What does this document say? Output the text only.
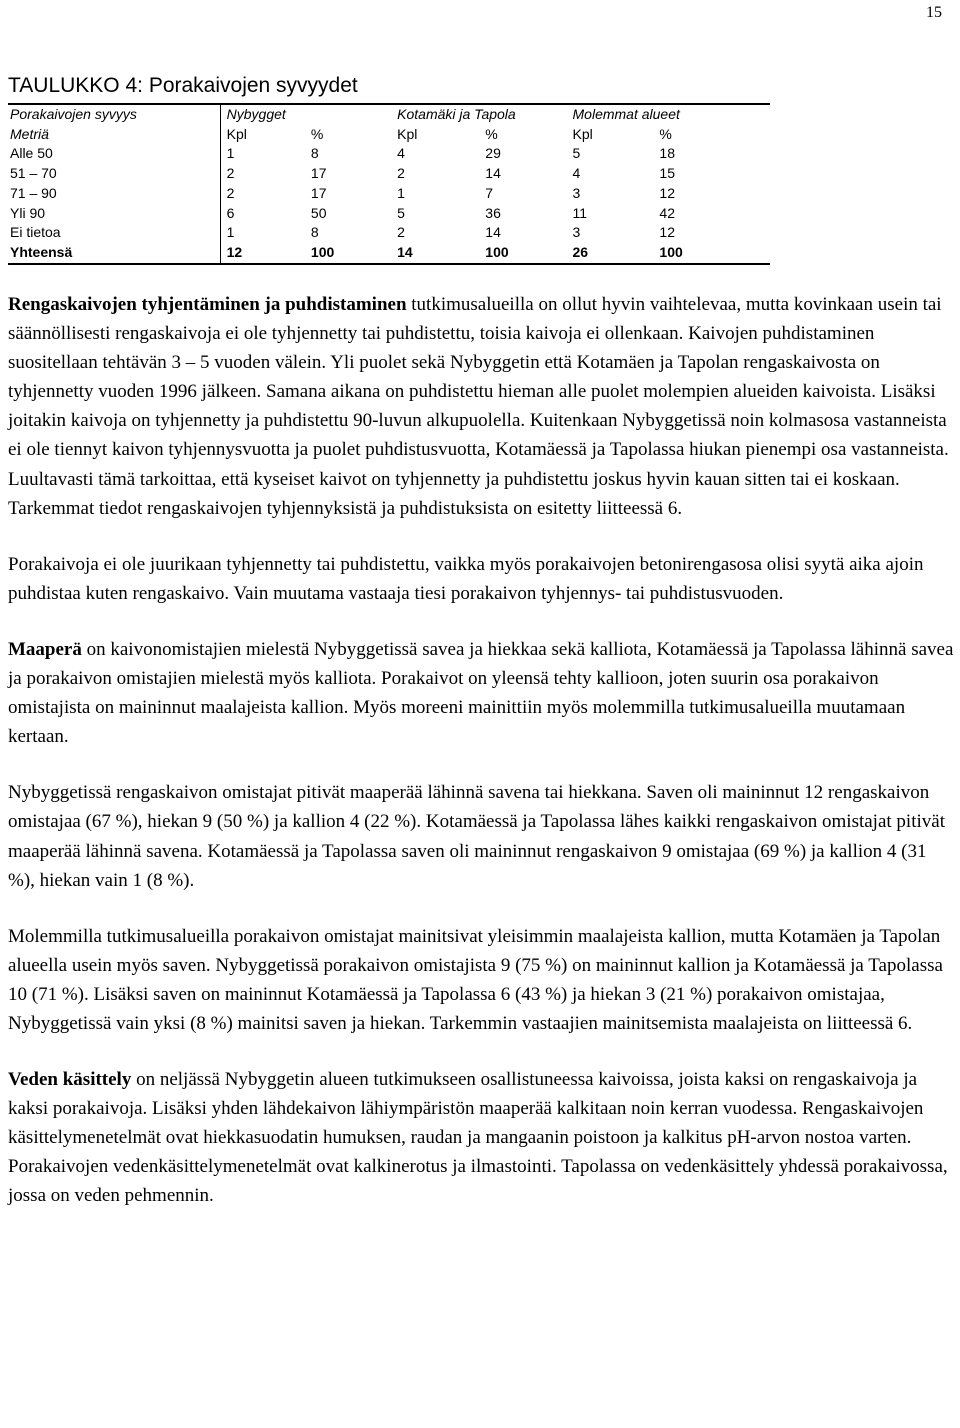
15
TAULUKKO 4: Porakaivojen syvyydet
Porakaivojen syvyys	Nybygget		Kotamäki ja Tapola		Molemmat alueet	
Metriä	Kpl	%	Kpl	%	Kpl	%
Alle 50	1	8	4	29	5	18
51 – 70	2	17	2	14	4	15
71 – 90	2	17	1	7	3	12
Yli 90	6	50	5	36	11	42
Ei tietoa	1	8	2	14	3	12
Yhteensä	12	100	14	100	26	100

Rengaskaivojen tyhjentäminen ja puhdistaminen tutkimusalueilla on ollut hyvin vaihtelevaa, mutta kovinkaan usein tai säännöllisesti rengaskaivoja ei ole tyhjennetty tai puhdistettu, toisia kaivoja ei ollenkaan. Kaivojen puhdistaminen suositellaan tehtävän 3 – 5 vuoden välein. Yli puolet sekä Nybyggetin että Kotamäen ja Tapolan rengaskaivosta on tyhjennetty vuoden 1996 jälkeen. Samana aikana on puhdistettu hieman alle puolet molempien alueiden kaivoista. Lisäksi joitakin kaivoja on tyhjennetty ja puhdistettu 90-luvun alkupuolella. Kuitenkaan Nybyggetissä noin kolmasosa vastanneista ei ole tiennyt kaivon tyhjennysvuotta ja puolet puhdistusvuotta, Kotamäessä ja Tapolassa hiukan pienempi osa vastanneista. Luultavasti tämä tarkoittaa, että kyseiset kaivot on tyhjennetty ja puhdistettu joskus hyvin kauan sitten tai ei koskaan. Tarkemmat tiedot rengaskaivojen tyhjennyksistä ja puhdistuksista on esitetty liitteessä 6.

Porakaivoja ei ole juurikaan tyhjennetty tai puhdistettu, vaikka myös porakaivojen betonirengasosa olisi syytä aika ajoin puhdistaa kuten rengaskaivo. Vain muutama vastaaja tiesi porakaivon tyhjennys- tai puhdistusvuoden.

Maaperä on kaivonomistajien mielestä Nybyggetissä savea ja hiekkaa sekä kalliota, Kotamäessä ja Tapolassa lähinnä savea ja porakaivon omistajien mielestä myös kalliota. Porakaivot on yleensä tehty kallioon, joten suurin osa porakaivon omistajista on maininnut maalajeista kallion. Myös moreeni mainittiin myös molemmilla tutkimusalueilla muutamaan kertaan.

Nybyggetissä rengaskaivon omistajat pitivät maaperää lähinnä savena tai hiekkana. Saven oli maininnut 12 rengaskaivon omistajaa (67 %), hiekan 9 (50 %) ja kallion 4 (22 %). Kotamäessä ja Tapolassa lähes kaikki rengaskaivon omistajat pitivät maaperää lähinnä savena. Kotamäessä ja Tapolassa saven oli maininnut rengaskaivon 9 omistajaa (69 %) ja kallion 4 (31 %), hiekan vain 1 (8 %).

Molemmilla tutkimusalueilla porakaivon omistajat mainitsivat yleisimmin maalajeista kallion, mutta Kotamäen ja Tapolan alueella usein myös saven. Nybyggetissä porakaivon omistajista 9 (75 %) on maininnut kallion ja Kotamäessä ja Tapolassa 10 (71 %). Lisäksi saven on maininnut Kotamäessä ja Tapolassa 6 (43 %) ja hiekan 3 (21 %) porakaivon omistajaa, Nybyggetissä vain yksi (8 %) mainitsi saven ja hiekan. Tarkemmin vastaajien mainitsemista maalajeista on liitteessä 6.

Veden käsittely on neljässä Nybyggetin alueen tutkimukseen osallistuneessa kaivoissa, joista kaksi on rengaskaivoja ja kaksi porakaivoja. Lisäksi yhden lähdekaivon lähiympäristön maaperää kalkitaan noin kerran vuodessa. Rengaskaivojen käsittelymenetelmät ovat hiekkasuodatin humuksen, raudan ja mangaanin poistoon ja kalkitus pH-arvon nostoa varten. Porakaivojen vedenkäsittelymenetelmät ovat kalkinerotus ja ilmastointi. Tapolassa on vedenkäsittely yhdessä porakaivossa, jossa on veden pehmennin.
